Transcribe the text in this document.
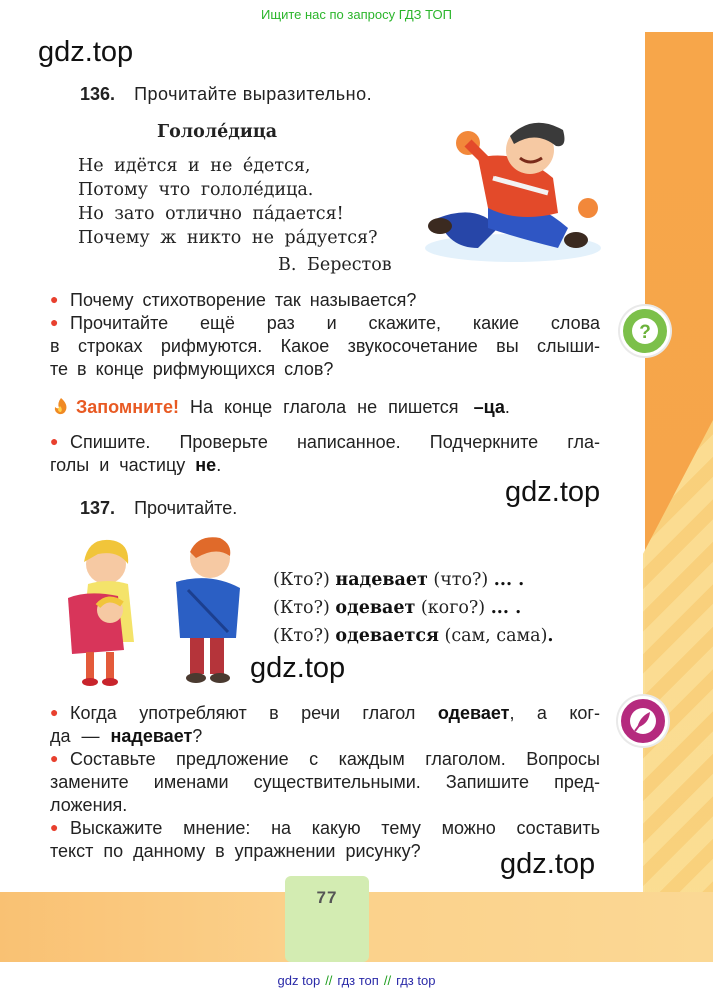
Ищите нас по запросу ГДЗ ТОП
gdz top // гдз топ // гдз top
77
gdz.top
gdz.top
gdz.top
gdz.top
136. Прочитайте выразительно.
Гололе́дица
Не идётся и не е́дется,
Потому что гололе́дица.
Но зато отлично па́дается!
Почему ж никто не ра́дуется?
В. Берестов
● Почему стихотворение так называется?
● Прочитайте ещё раз и скажите, какие слова
в строках рифмуются. Какое звукосочетание вы слыши-
те в конце рифмующихся слов?
?
Запомните! На конце глагола не пишется –ца.
● Спишите. Проверьте написанное. Подчеркните гла-
голы и частицу не.
137. Прочитайте.
(Кто?) надевает (что?) ... .
(Кто?) одевает (кого?) ... .
(Кто?) одевается (сам, сама).
● Когда употребляют в речи глагол одевает, а ког-
да — надевает?
● Составьте предложение с каждым глаголом. Вопросы
замените именами существительными. Запишите пред-
ложения.
● Выскажите мнение: на какую тему можно составить
текст по данному в упражнении рисунку?
